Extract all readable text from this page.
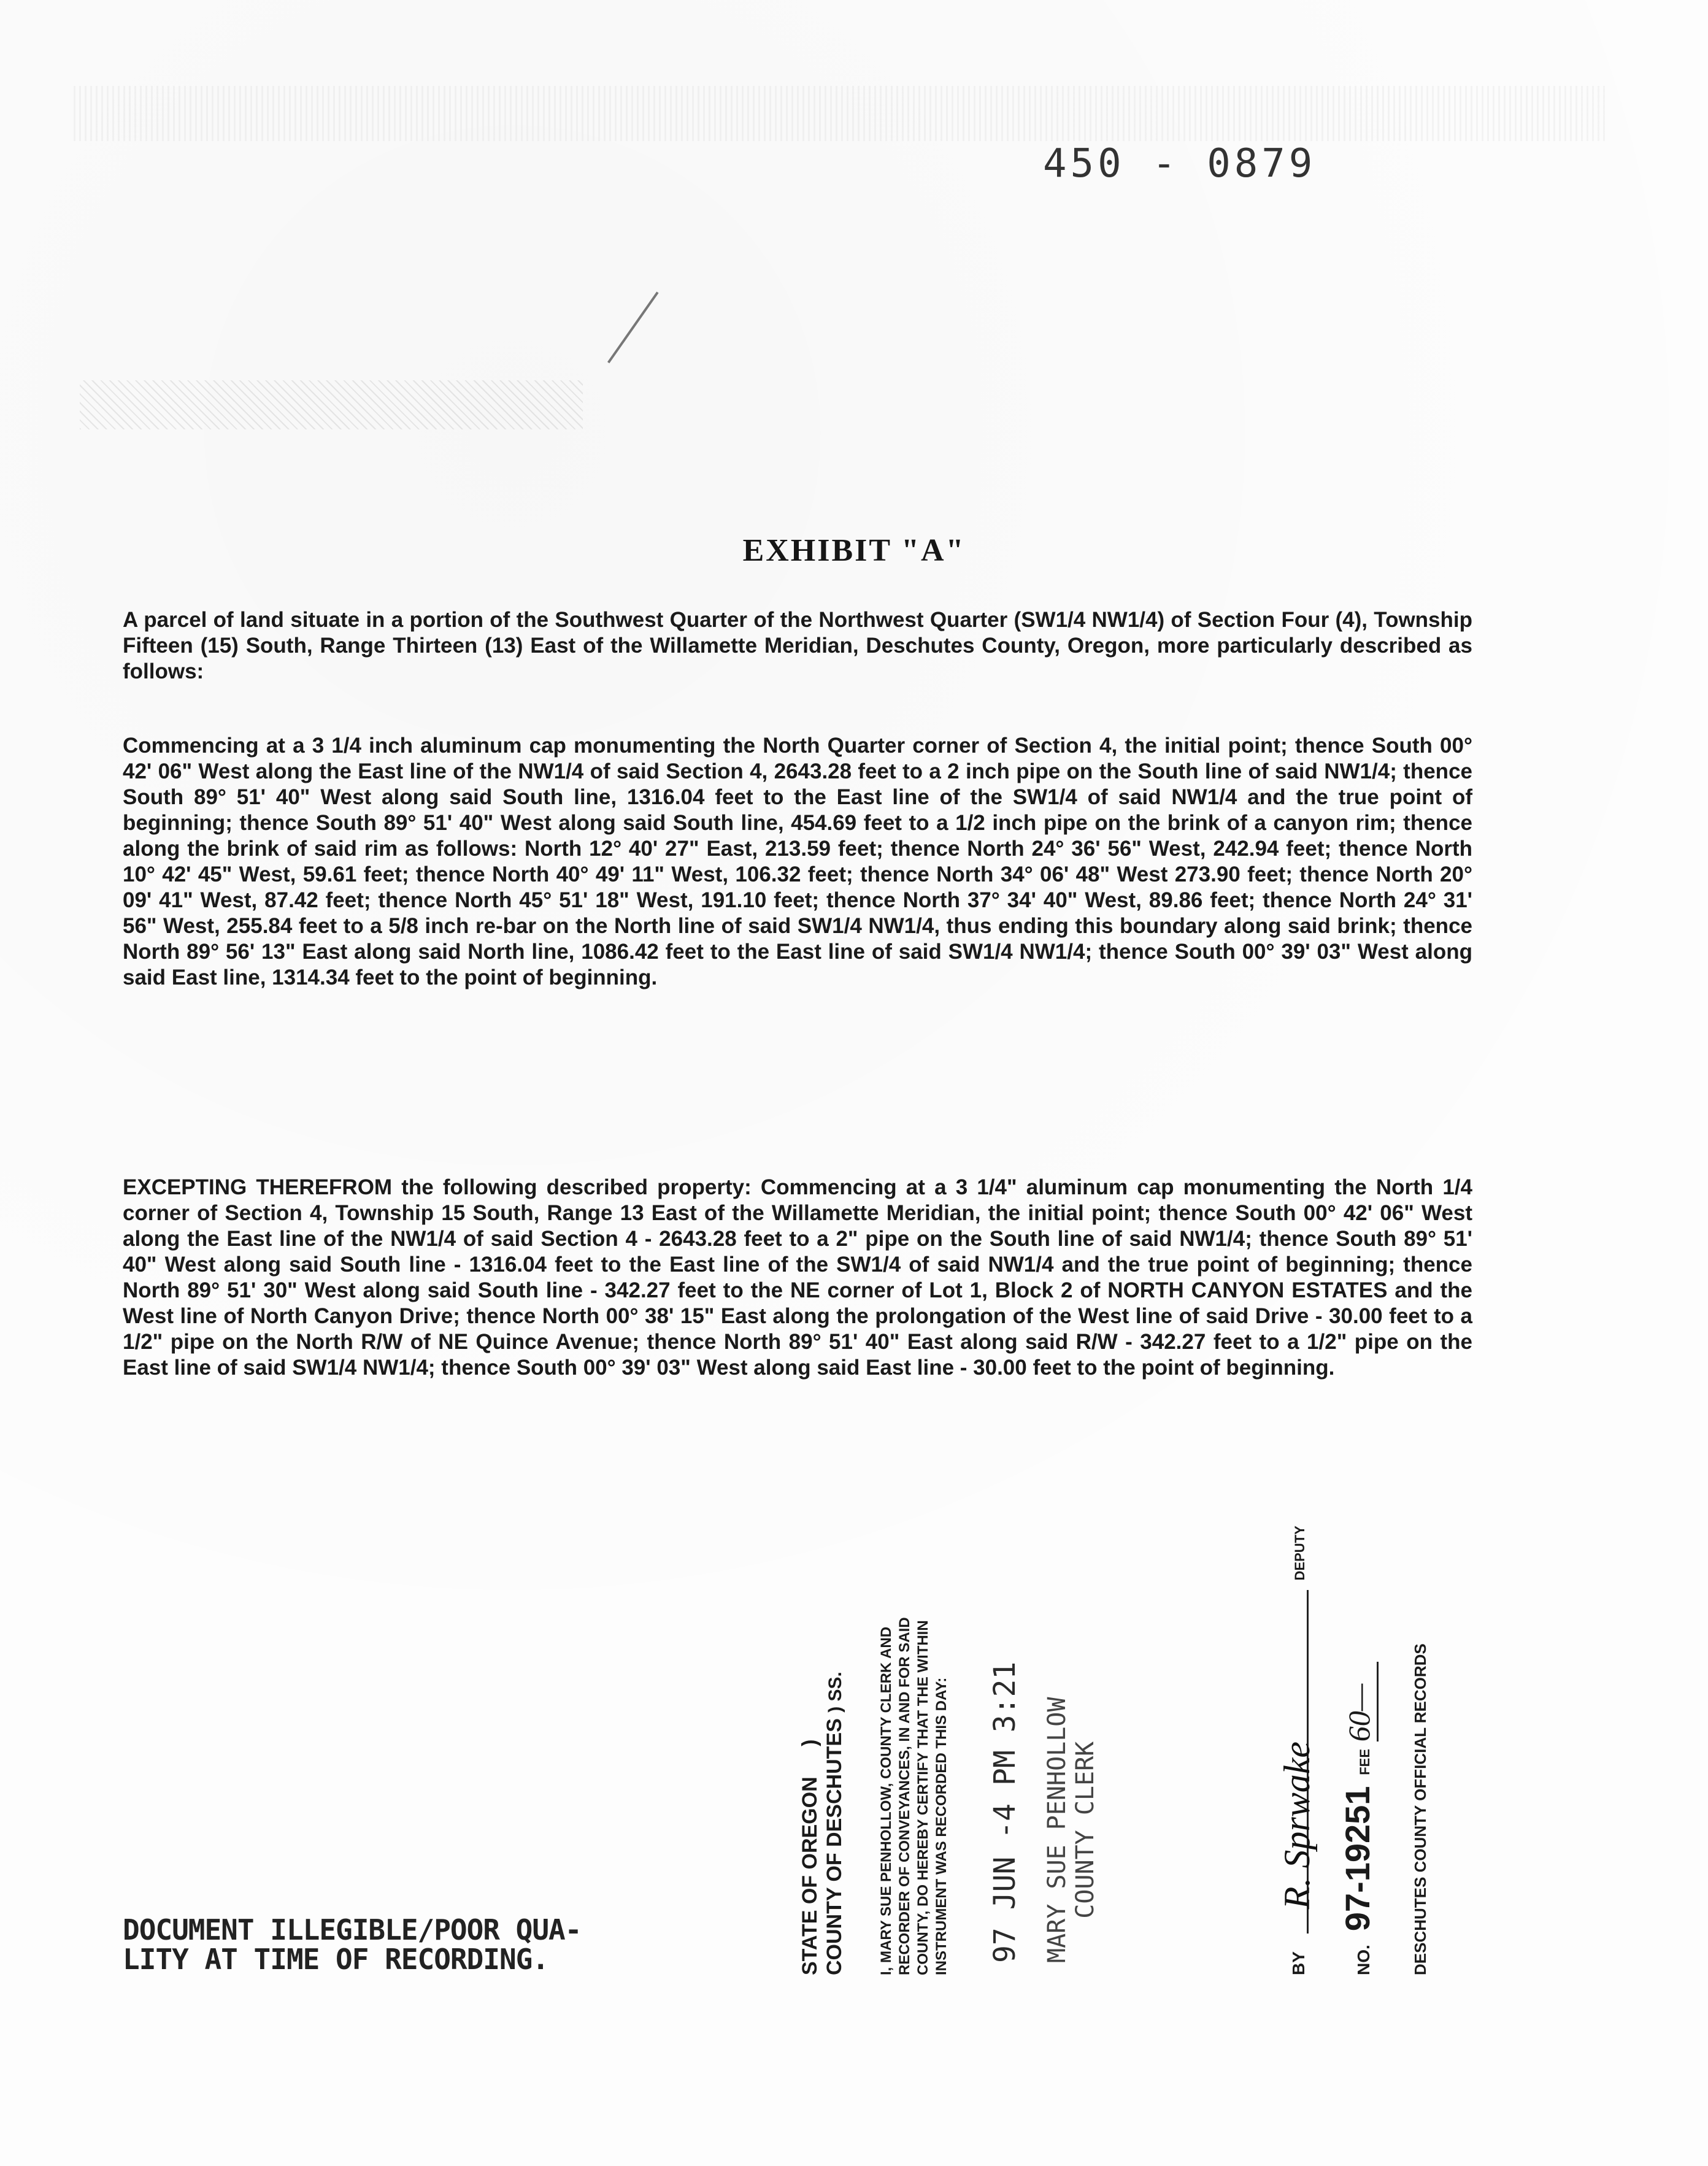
450 - 0879
EXHIBIT "A"
A parcel of land situate in a portion of the Southwest Quarter of the Northwest Quarter (SW1/4 NW1/4) of Section Four (4), Township Fifteen (15) South, Range Thirteen (13) East of the Willamette Meridian, Deschutes County, Oregon, more particularly described as follows:
Commencing at a 3 1/4 inch aluminum cap monumenting the North Quarter corner of Section 4, the initial point; thence South 00° 42' 06" West along the East line of the NW1/4 of said Section 4, 2643.28 feet to a 2 inch pipe on the South line of said NW1/4; thence South 89° 51' 40" West along said South line, 1316.04 feet to the East line of the SW1/4 of said NW1/4 and the true point of beginning; thence South 89° 51' 40" West along said South line, 454.69 feet to a 1/2 inch pipe on the brink of a canyon rim; thence along the brink of said rim as follows: North 12° 40' 27" East, 213.59 feet; thence North 24° 36' 56" West, 242.94 feet; thence North 10° 42' 45" West, 59.61 feet; thence North 40° 49' 11" West, 106.32 feet; thence North 34° 06' 48" West 273.90 feet; thence North 20° 09' 41" West, 87.42 feet; thence North 45° 51' 18" West, 191.10 feet; thence North 37° 34' 40" West, 89.86 feet; thence North 24° 31' 56" West, 255.84 feet to a 5/8 inch re-bar on the North line of said SW1/4 NW1/4, thus ending this boundary along said brink; thence North 89° 56' 13" East along said North line, 1086.42 feet to the East line of said SW1/4 NW1/4; thence South 00° 39' 03" West along said East line, 1314.34 feet to the point of beginning.
EXCEPTING THEREFROM the following described property: Commencing at a 3 1/4" aluminum cap monumenting the North 1/4 corner of Section 4, Township 15 South, Range 13 East of the Willamette Meridian, the initial point; thence South 00° 42' 06" West along the East line of the NW1/4 of said Section 4 - 2643.28 feet to a 2" pipe on the South line of said NW1/4; thence South 89° 51' 40" West along said South line - 1316.04 feet to the East line of the SW1/4 of said NW1/4 and the true point of beginning; thence North 89° 51' 30" West along said South line - 342.27 feet to the NE corner of Lot 1, Block 2 of NORTH CANYON ESTATES and the West line of North Canyon Drive; thence North 00° 38' 15" East along the prolongation of the West line of said Drive - 30.00 feet to a 1/2" pipe on the North R/W of NE Quince Avenue; thence North 89° 51' 40" East along said R/W - 342.27 feet to a 1/2" pipe on the East line of said SW1/4 NW1/4; thence South 00° 39' 03" West along said East line - 30.00 feet to the point of beginning.
STATE OF OREGON ) COUNTY OF DESCHUTES ) SS. I, MARY SUE PENHOLLOW, COUNTY CLERK AND RECORDER OF CONVEYANCES, IN AND FOR SAID COUNTY, DO HEREBY CERTIFY THAT THE WITHIN INSTRUMENT WAS RECORDED THIS DAY: 97 JUN -4 PM 3:21 MARY SUE PENHOLLOW COUNTY CLERK
BY
R. Sprwake
DEPUTY
NO. 97-19251 FEE 60— DESCHUTES COUNTY OFFICIAL RECORDS
DOCUMENT ILLEGIBLE/POOR QUA-
LITY AT TIME OF RECORDING.
